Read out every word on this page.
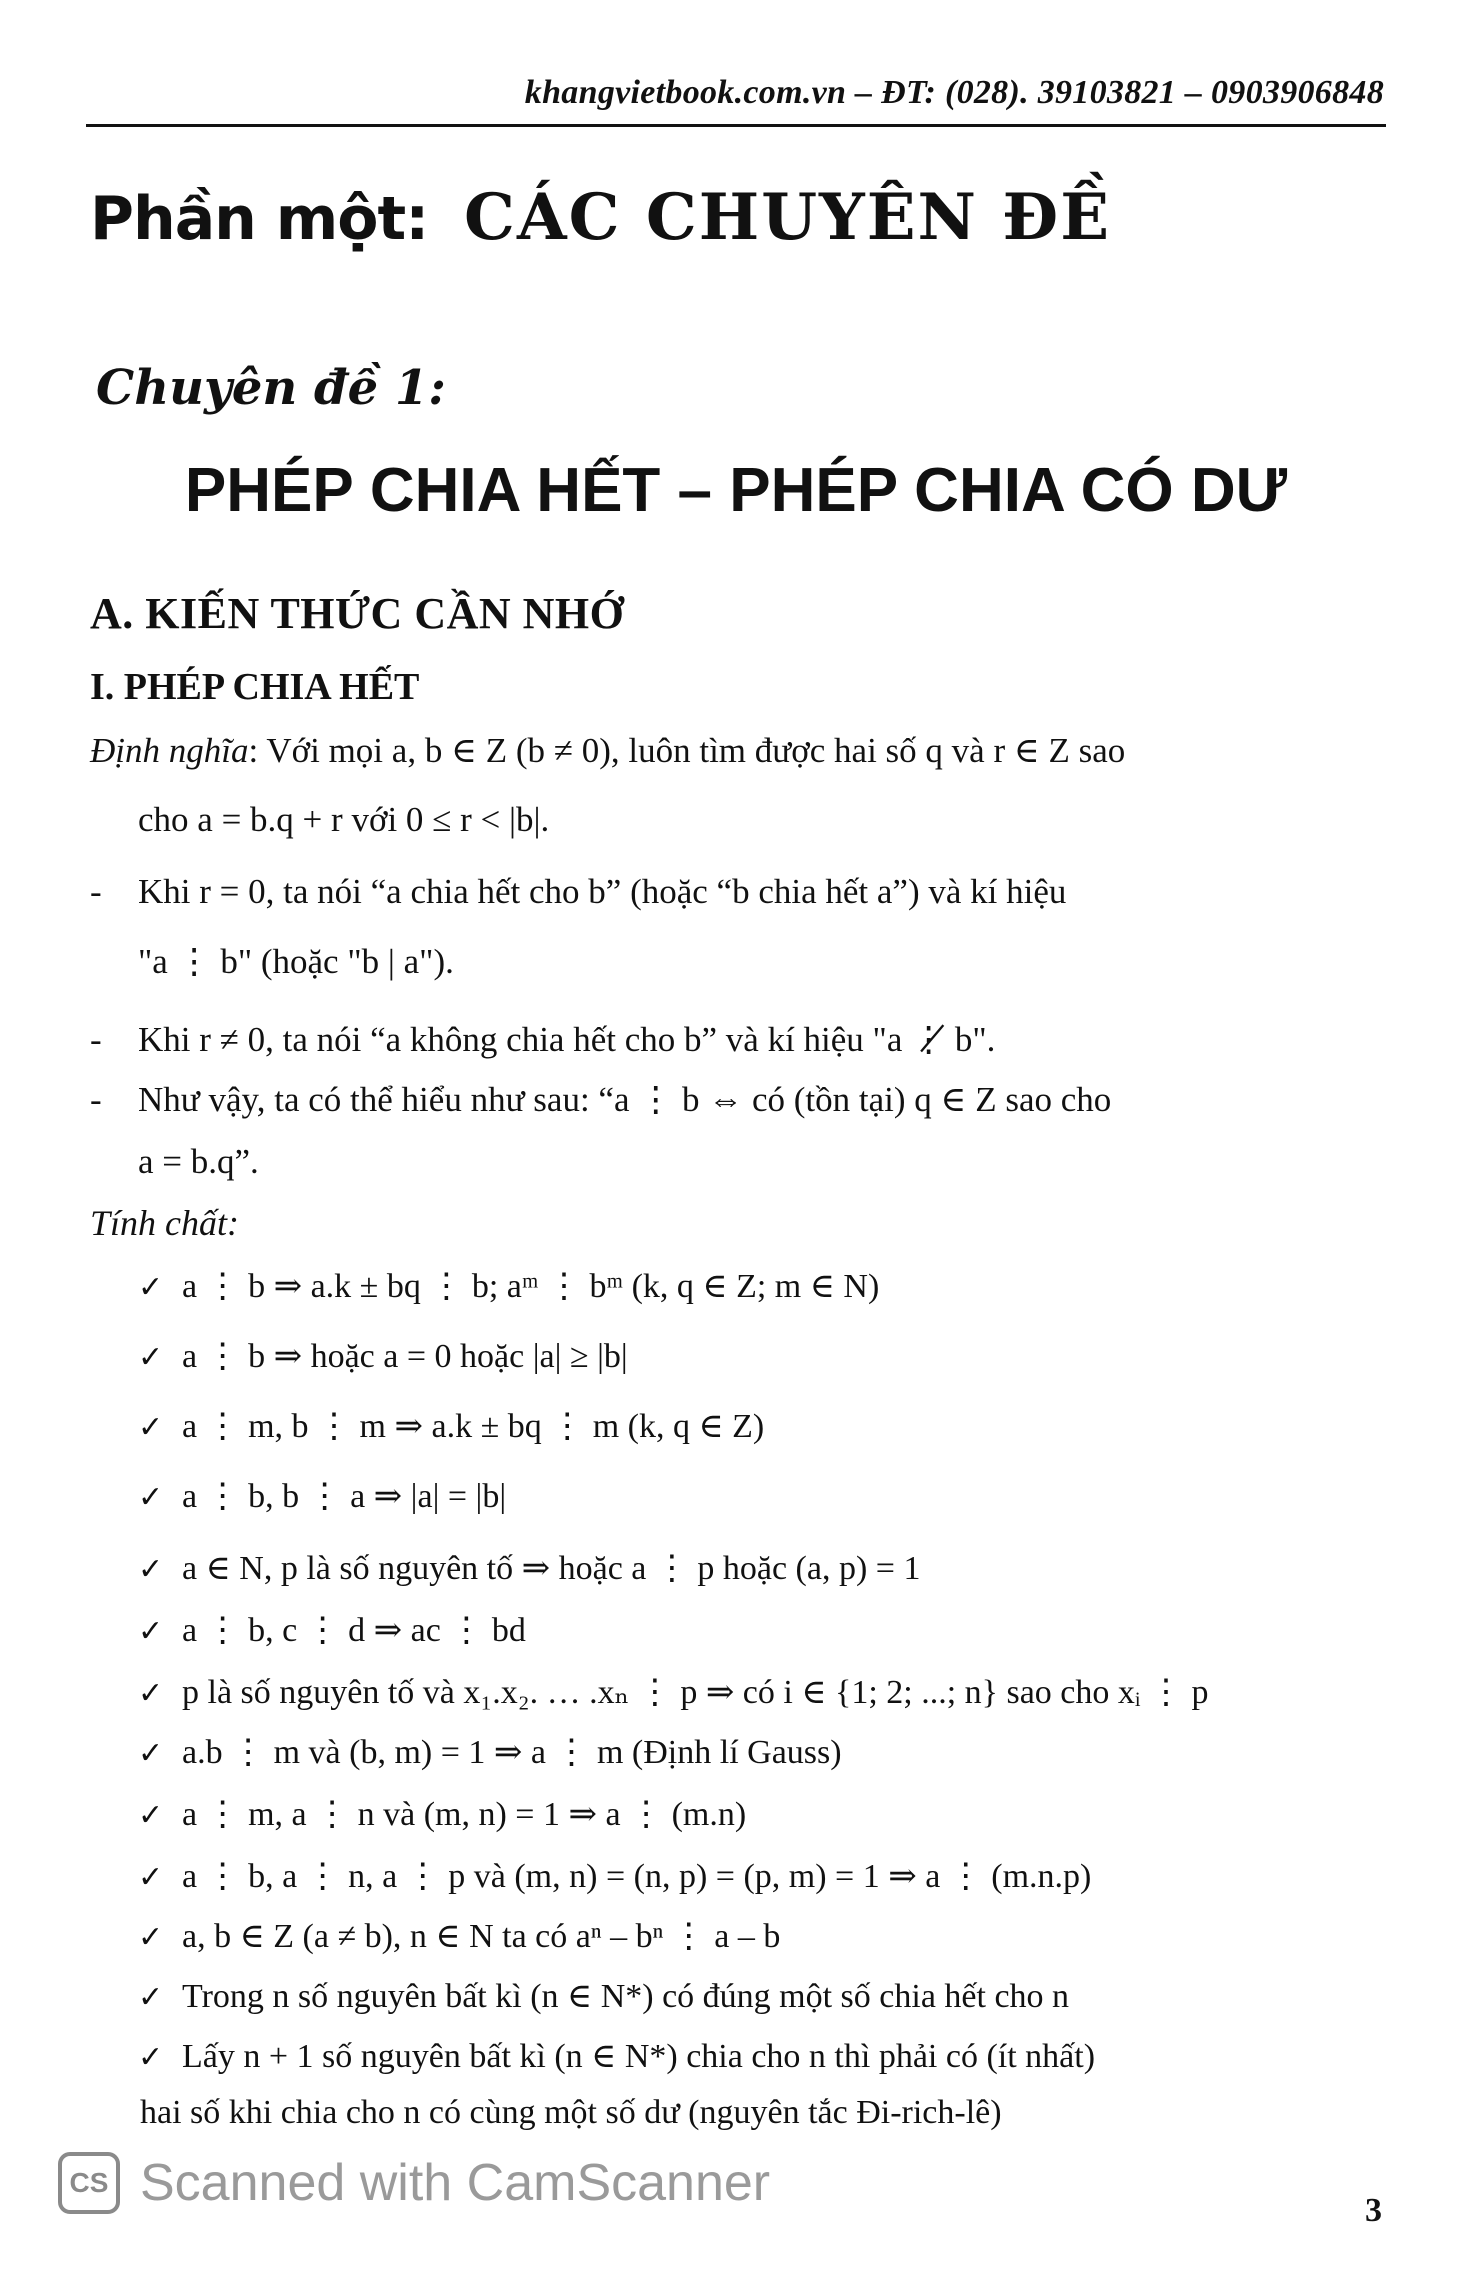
khangvietbook.com.vn – ĐT: (028). 39103821 – 0903906848
Phần một: CÁC CHUYÊN ĐỀ
Chuyên đề 1:
PHÉP CHIA HẾT – PHÉP CHIA CÓ DƯ
A. KIẾN THỨC CẦN NHỚ
I. PHÉP CHIA HẾT
Định nghĩa: Với mọi a, b ∈ Z (b ≠ 0), luôn tìm được hai số q và r ∈ Z sao
cho a = b.q + r với 0 ≤ r < |b|.
- Khi r = 0, ta nói “a chia hết cho b” (hoặc “b chia hết a”) và kí hiệu
"a ⋮ b" (hoặc "b | a").
- Khi r ≠ 0, ta nói “a không chia hết cho b” và kí hiệu "a ⋮̸ b".
- Như vậy, ta có thể hiểu như sau: “a ⋮ b ⇔ có (tồn tại) q ∈ Z sao cho
a = b.q”.
Tính chất:
✓ a ⋮ b ⇒ a.k ± bq ⋮ b; aᵐ ⋮ bᵐ (k, q ∈ Z; m ∈ N)
✓ a ⋮ b ⇒ hoặc a = 0 hoặc |a| ≥ |b|
✓ a ⋮ m, b ⋮ m ⇒ a.k ± bq ⋮ m (k, q ∈ Z)
✓ a ⋮ b, b ⋮ a ⇒ |a| = |b|
✓ a ∈ N, p là số nguyên tố ⇒ hoặc a ⋮ p hoặc (a, p) = 1
✓ a ⋮ b, c ⋮ d ⇒ ac ⋮ bd
✓ p là số nguyên tố và x₁.x₂. … .xₙ ⋮ p ⇒ có i ∈ {1; 2; ...; n} sao cho xᵢ ⋮ p
✓ a.b ⋮ m và (b, m) = 1 ⇒ a ⋮ m (Định lí Gauss)
✓ a ⋮ m, a ⋮ n và (m, n) = 1 ⇒ a ⋮ (m.n)
✓ a ⋮ b, a ⋮ n, a ⋮ p và (m, n) = (n, p) = (p, m) = 1 ⇒ a ⋮ (m.n.p)
✓ a, b ∈ Z (a ≠ b), n ∈ N ta có aⁿ – bⁿ ⋮ a – b
✓ Trong n số nguyên bất kì (n ∈ N*) có đúng một số chia hết cho n
✓ Lấy n + 1 số nguyên bất kì (n ∈ N*) chia cho n thì phải có (ít nhất)
hai số khi chia cho n có cùng một số dư (nguyên tắc Đi-rich-lê)
CS Scanned with CamScanner	3
